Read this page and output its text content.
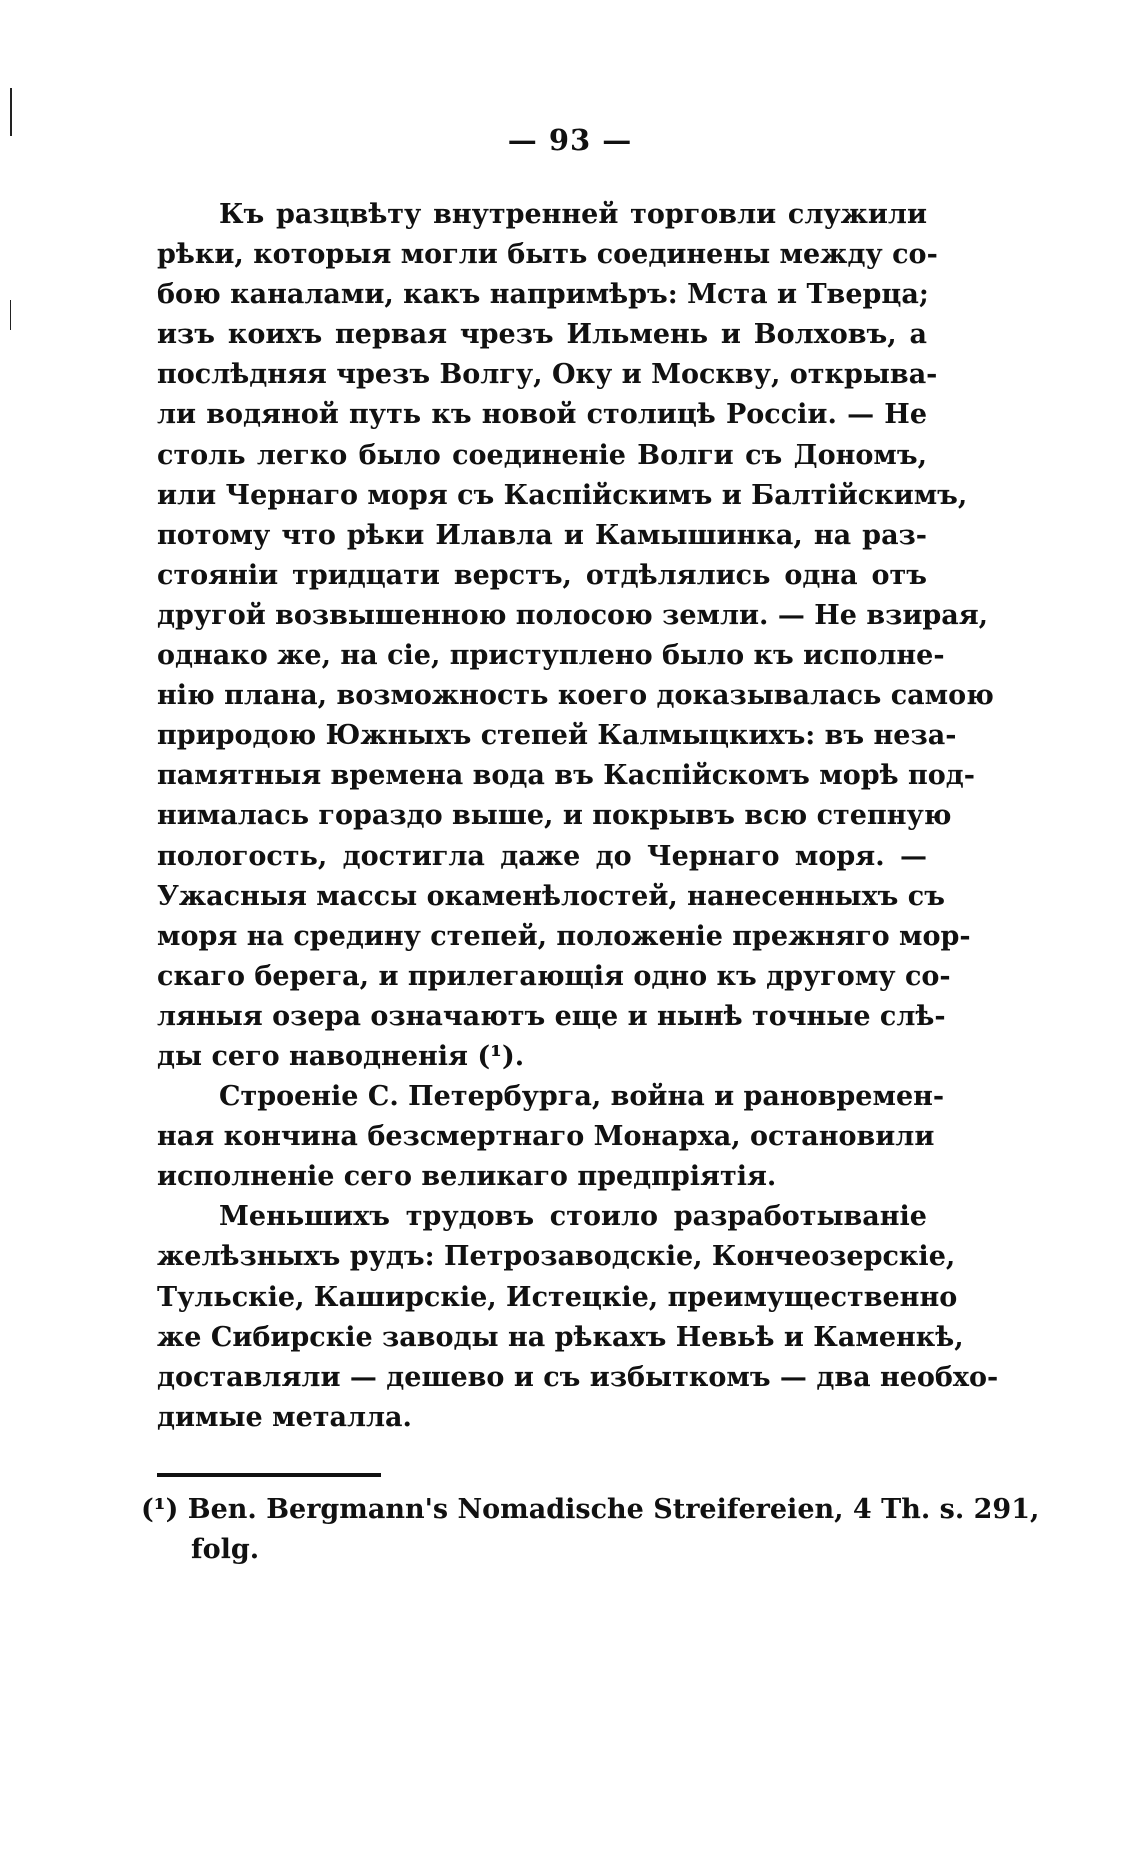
— 93 —
Къ разцвѣту внутренней торговли служили
рѣки, которыя могли быть соединены между со-
бою каналами, какъ напримѣръ: Мста и Тверца;
изъ коихъ первая чрезъ Ильмень и Волховъ, а
послѣдняя чрезъ Волгу, Оку и Москву, открыва-
ли водяной путь къ новой столицѣ Россіи. — Не
столь легко было соединеніе Волги съ Дономъ,
или Чернаго моря съ Каспійскимъ и Балтійскимъ,
потому что рѣки Илавла и Камышинка, на раз-
стояніи тридцати верстъ, отдѣлялись одна отъ
другой возвышенною полосою земли. — Не взирая,
однако же, на сіе, приступлено было къ исполне-
нію плана, возможность коего доказывалась самою
природою Южныхъ степей Калмыцкихъ: въ неза-
памятныя времена вода въ Каспійскомъ морѣ под-
нималась гораздо выше, и покрывъ всю степную
пологость, достигла даже до Чернаго моря. —
Ужасныя массы окаменѣлостей, нанесенныхъ съ
моря на средину степей, положеніе прежняго мор-
скаго берега, и прилегающія одно къ другому со-
ляныя озера означаютъ еще и нынѣ точные слѣ-
ды сего наводненія (¹).
Строеніе С. Петербурга, война и рановремен-
ная кончина безсмертнаго Монарха, остановили
исполненіе сего великаго предпріятія.
Меньшихъ трудовъ стоило разработываніе
желѣзныхъ рудъ: Петрозаводскіе, Кончеозерскіе,
Тульскіе, Каширскіе, Истецкіе, преимущественно
же Сибирскіе заводы на рѣкахъ Невьѣ и Каменкѣ,
доставляли — дешево и съ избыткомъ — два необхо-
димые металла.
(¹) Ben. Bergmann's Nomadische Streifereien, 4 Th. s. 291,
folg.
